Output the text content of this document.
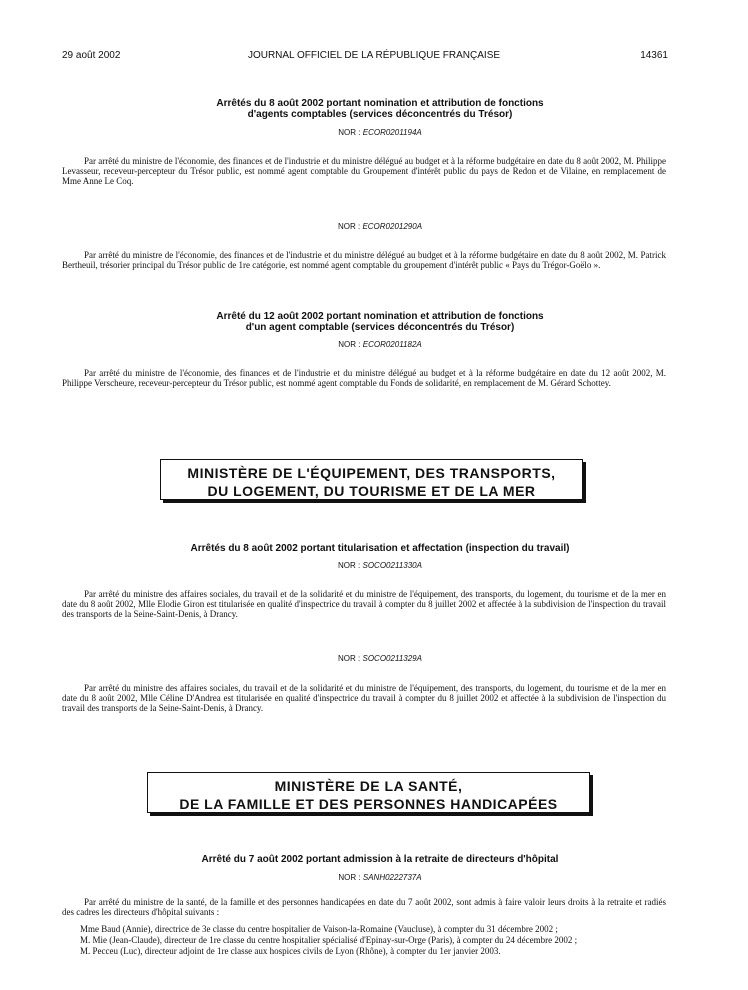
29 août 2002	JOURNAL OFFICIEL DE LA RÉPUBLIQUE FRANÇAISE	14361
Arrêtés du 8 août 2002 portant nomination et attribution de fonctions
d'agents comptables (services déconcentrés du Trésor)
NOR : ECOR0201194A

Par arrêté du ministre de l'économie, des finances et de l'industrie et du ministre délégué au budget et à la réforme budgétaire en date du 8 août 2002, M. Philippe Levasseur, receveur-percepteur du Trésor public, est nommé agent comptable du Groupement d'intérêt public du pays de Redon et de Vilaine, en remplacement de Mme Anne Le Coq.

NOR : ECOR0201290A

Par arrêté du ministre de l'économie, des finances et de l'industrie et du ministre délégué au budget et à la réforme budgétaire en date du 8 août 2002, M. Patrick Bertheuil, trésorier principal du Trésor public de 1re catégorie, est nommé agent comptable du groupement d'intérêt public « Pays du Trégor-Goëlo ».

Arrêté du 12 août 2002 portant nomination et attribution de fonctions
d'un agent comptable (services déconcentrés du Trésor)
NOR : ECOR0201182A

Par arrêté du ministre de l'économie, des finances et de l'industrie et du ministre délégué au budget et à la réforme budgétaire en date du 12 août 2002, M. Philippe Verscheure, receveur-percepteur du Trésor public, est nommé agent comptable du Fonds de solidarité, en remplacement de M. Gérard Schottey.

MINISTÈRE DE L'ÉQUIPEMENT, DES TRANSPORTS,
DU LOGEMENT, DU TOURISME ET DE LA MER
Arrêtés du 8 août 2002 portant titularisation et affectation (inspection du travail)
NOR : SOCO0211330A

Par arrêté du ministre des affaires sociales, du travail et de la solidarité et du ministre de l'équipement, des transports, du logement, du tourisme et de la mer en date du 8 août 2002, Mlle Elodie Giron est titularisée en qualité d'inspectrice du travail à compter du 8 juillet 2002 et affectée à la subdivision de l'inspection du travail des transports de la Seine-Saint-Denis, à Drancy.

NOR : SOCO0211329A

Par arrêté du ministre des affaires sociales, du travail et de la solidarité et du ministre de l'équipement, des transports, du logement, du tourisme et de la mer en date du 8 août 2002, Mlle Céline D'Andrea est titularisée en qualité d'inspectrice du travail à compter du 8 juillet 2002 et affectée à la subdivision de l'inspection du travail des transports de la Seine-Saint-Denis, à Drancy.

MINISTÈRE DE LA SANTÉ,
DE LA FAMILLE ET DES PERSONNES HANDICAPÉES
Arrêté du 7 août 2002 portant admission à la retraite de directeurs d'hôpital
NOR : SANH0222737A

Par arrêté du ministre de la santé, de la famille et des personnes handicapées en date du 7 août 2002, sont admis à faire valoir leurs droits à la retraite et radiés des cadres les directeurs d'hôpital suivants :

Mme Baud (Annie), directrice de 3e classe du centre hospitalier de Vaison-la-Romaine (Vaucluse), à compter du 31 décembre 2002 ;
M. Mie (Jean-Claude), directeur de 1re classe du centre hospitalier spécialisé d'Epinay-sur-Orge (Paris), à compter du 24 décembre 2002 ;
M. Pecceu (Luc), directeur adjoint de 1re classe aux hospices civils de Lyon (Rhône), à compter du 1er janvier 2003.
